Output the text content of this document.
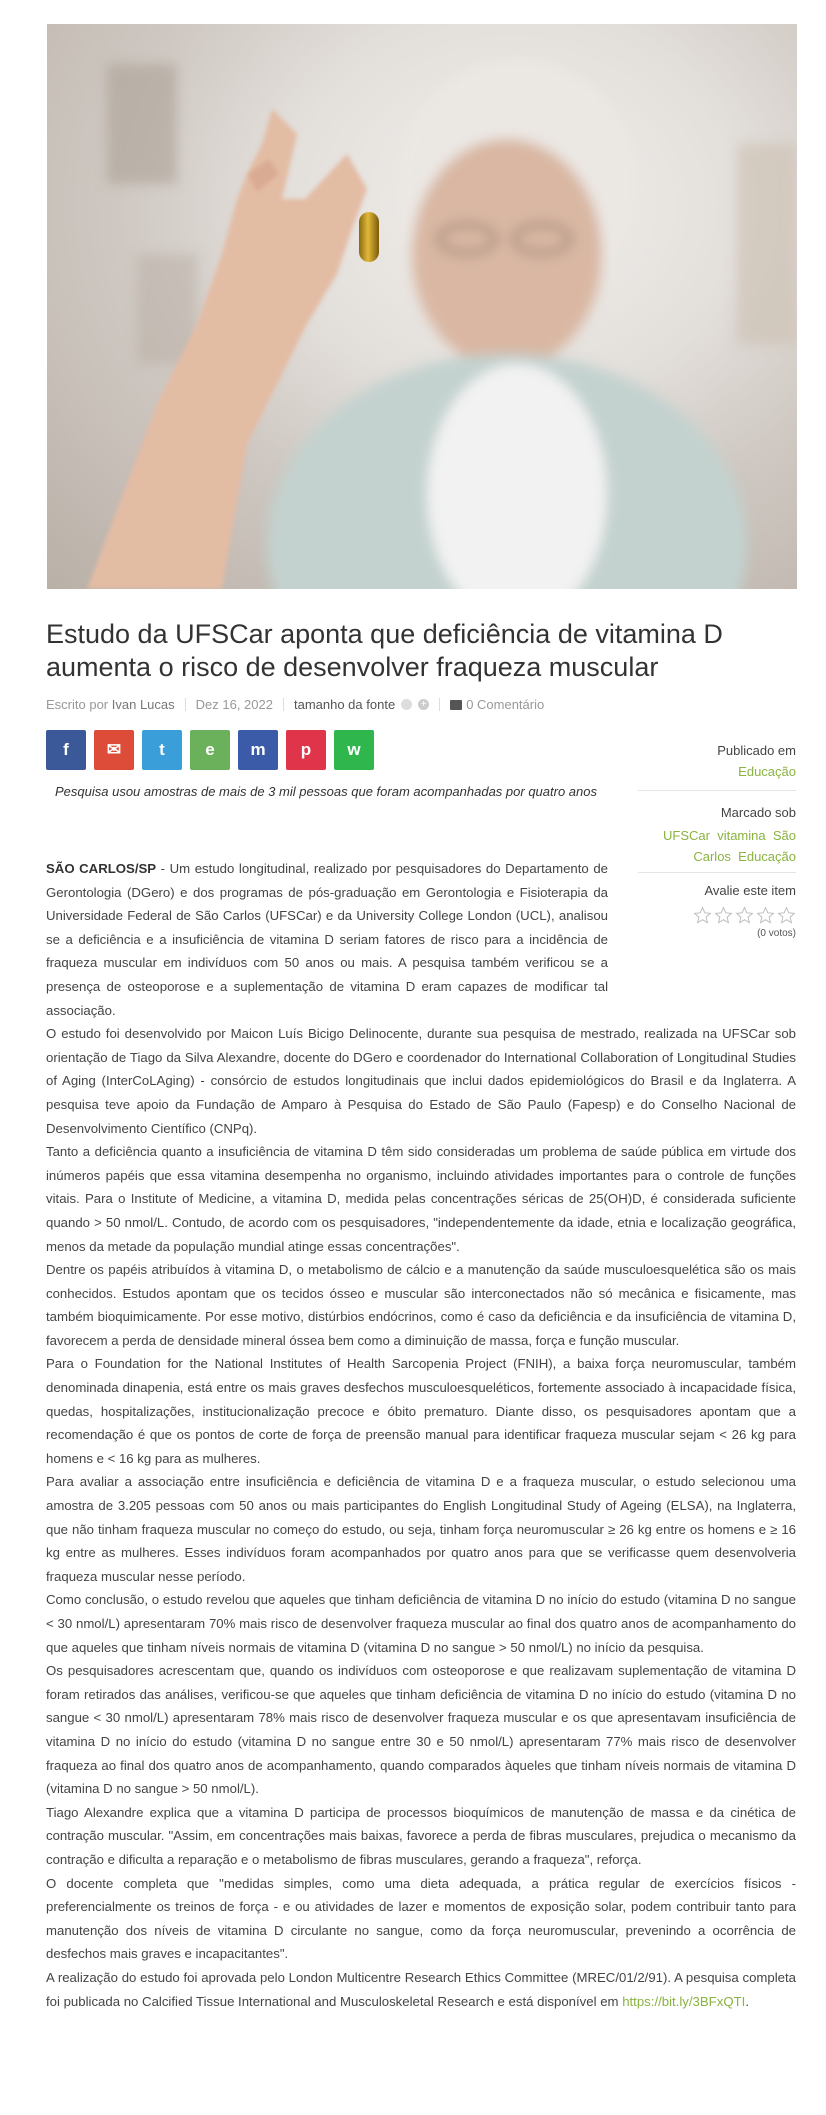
Estudo da UFSCar aponta que deficiência de vitamina D aumenta o risco de desenvolver fraqueza muscular
Escrito por
Ivan Lucas Dez 16, 2022 tamanho da fonte	+	0 Comentário
f ✉ t e m p w
Pesquisa usou amostras de mais de 3 mil pessoas que foram acompanhadas por quatro anos
Publicado em
Educação
Marcado sob
UFSCar vitamina São Carlos Educação
Avalie este item
(0 votos)

SÃO CARLOS/SP - Um estudo longitudinal, realizado por pesquisadores do Departamento de Gerontologia (DGero) e dos programas de pós-graduação em Gerontologia e Fisioterapia da Universidade Federal de São Carlos (UFSCar) e da University College London (UCL), analisou se a deficiência e a insuficiência de vitamina D seriam fatores de risco para a incidência de fraqueza muscular em indivíduos com 50 anos ou mais. A pesquisa também verificou se a presença de osteoporose e a suplementação de vitamina D eram capazes de modificar tal associação.

O estudo foi desenvolvido por Maicon Luís Bicigo Delinocente, durante sua pesquisa de mestrado, realizada na UFSCar sob orientação de Tiago da Silva Alexandre, docente do DGero e coordenador do International Collaboration of Longitudinal Studies of Aging (InterCoLAging) - consórcio de estudos longitudinais que inclui dados epidemiológicos do Brasil e da Inglaterra. A pesquisa teve apoio da Fundação de Amparo à Pesquisa do Estado de São Paulo (Fapesp) e do Conselho Nacional de Desenvolvimento Científico (CNPq).

Tanto a deficiência quanto a insuficiência de vitamina D têm sido consideradas um problema de saúde pública em virtude dos inúmeros papéis que essa vitamina desempenha no organismo, incluindo atividades importantes para o controle de funções vitais. Para o Institute of Medicine, a vitamina D, medida pelas concentrações séricas de 25(OH)D, é considerada suficiente quando > 50 nmol/L. Contudo, de acordo com os pesquisadores, "independentemente da idade, etnia e localização geográfica, menos da metade da população mundial atinge essas concentrações".

Dentre os papéis atribuídos à vitamina D, o metabolismo de cálcio e a manutenção da saúde musculoesquelética são os mais conhecidos. Estudos apontam que os tecidos ósseo e muscular são interconectados não só mecânica e fisicamente, mas também bioquimicamente. Por esse motivo, distúrbios endócrinos, como é caso da deficiência e da insuficiência de vitamina D, favorecem a perda de densidade mineral óssea bem como a diminuição de massa, força e função muscular.

Para o Foundation for the National Institutes of Health Sarcopenia Project (FNIH), a baixa força neuromuscular, também denominada dinapenia, está entre os mais graves desfechos musculoesqueléticos, fortemente associado à incapacidade física, quedas, hospitalizações, institucionalização precoce e óbito prematuro. Diante disso, os pesquisadores apontam que a recomendação é que os pontos de corte de força de preensão manual para identificar fraqueza muscular sejam < 26 kg para homens e < 16 kg para as mulheres.

Para avaliar a associação entre insuficiência e deficiência de vitamina D e a fraqueza muscular, o estudo selecionou uma amostra de 3.205 pessoas com 50 anos ou mais participantes do English Longitudinal Study of Ageing (ELSA), na Inglaterra, que não tinham fraqueza muscular no começo do estudo, ou seja, tinham força neuromuscular ≥ 26 kg entre os homens e ≥ 16 kg entre as mulheres. Esses indivíduos foram acompanhados por quatro anos para que se verificasse quem desenvolveria fraqueza muscular nesse período.

Como conclusão, o estudo revelou que aqueles que tinham deficiência de vitamina D no início do estudo (vitamina D no sangue < 30 nmol/L) apresentaram 70% mais risco de desenvolver fraqueza muscular ao final dos quatro anos de acompanhamento do que aqueles que tinham níveis normais de vitamina D (vitamina D no sangue > 50 nmol/L) no início da pesquisa.

Os pesquisadores acrescentam que, quando os indivíduos com osteoporose e que realizavam suplementação de vitamina D foram retirados das análises, verificou-se que aqueles que tinham deficiência de vitamina D no início do estudo (vitamina D no sangue < 30 nmol/L) apresentaram 78% mais risco de desenvolver fraqueza muscular e os que apresentavam insuficiência de vitamina D no início do estudo (vitamina D no sangue entre 30 e 50 nmol/L) apresentaram 77% mais risco de desenvolver fraqueza ao final dos quatro anos de acompanhamento, quando comparados àqueles que tinham níveis normais de vitamina D (vitamina D no sangue > 50 nmol/L).

Tiago Alexandre explica que a vitamina D participa de processos bioquímicos de manutenção de massa e da cinética de contração muscular. "Assim, em concentrações mais baixas, favorece a perda de fibras musculares, prejudica o mecanismo da contração e dificulta a reparação e o metabolismo de fibras musculares, gerando a fraqueza", reforça.

O docente completa que "medidas simples, como uma dieta adequada, a prática regular de exercícios físicos - preferencialmente os treinos de força - e ou atividades de lazer e momentos de exposição solar, podem contribuir tanto para manutenção dos níveis de vitamina D circulante no sangue, como da força neuromuscular, prevenindo a ocorrência de desfechos mais graves e incapacitantes".

A realização do estudo foi aprovada pelo London Multicentre Research Ethics Committee (MREC/01/2/91). A pesquisa completa foi publicada no Calcified Tissue International and Musculoskeletal Research e está disponível em https://bit.ly/3BFxQTI.
